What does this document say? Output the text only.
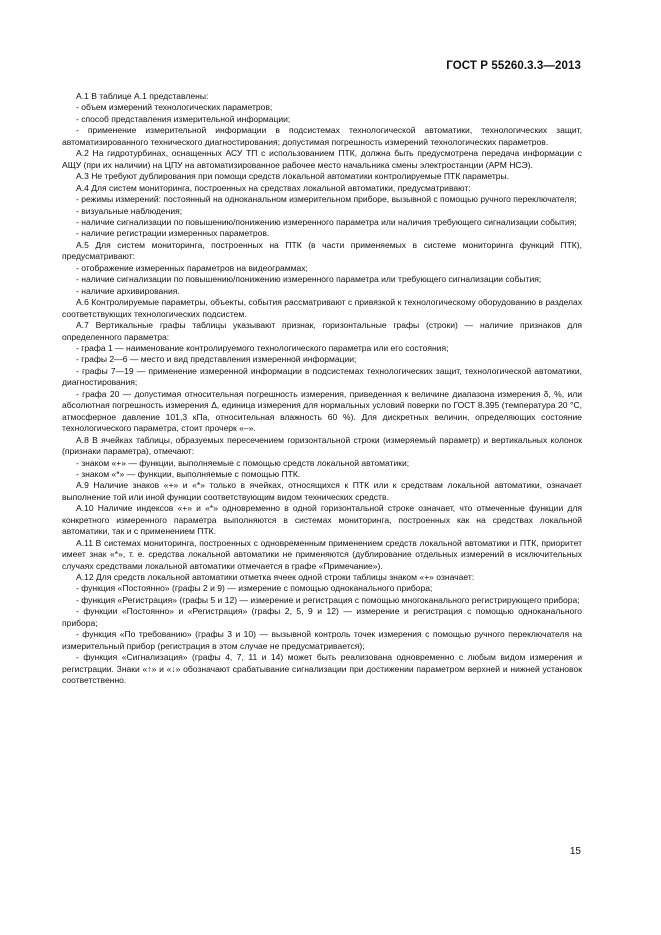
ГОСТ Р 55260.3.3—2013

А.1 В таблице А.1 представлены:

- объем измерений технологических параметров;

- способ представления измерительной информации;

- применение измерительной информации в подсистемах технологической автоматики, технологических защит, автоматизированного технического диагностирования; допустимая погрешность измерений технологических параметров.

А.2 На гидротурбинах, оснащенных АСУ ТП с использованием ПТК, должна быть предусмотрена передача информации с АЩУ (при их наличии) на ЦПУ на автоматизированное рабочее место начальника смены электростанции (АРМ НСЭ).

А.3 Не требуют дублирования при помощи средств локальной автоматики контролируемые ПТК параметры.

А.4 Для систем мониторинга, построенных на средствах локальной автоматики, предусматривают:

- режимы измерений: постоянный на одноканальном измерительном приборе, вызывной с помощью ручного переключателя;

- визуальные наблюдения;

- наличие сигнализации по повышению/понижению измеренного параметра или наличия требующего сигнализации события;

- наличие регистрации измеренных параметров.

А.5 Для систем мониторинга, построенных на ПТК (в части применяемых в системе мониторинга функций ПТК), предусматривают:

- отображение измеренных параметров на видеограммах;

- наличие сигнализации по повышению/понижению измеренного параметра или требующего сигнализации события;

- наличие архивирования.

А.6 Контролируемые параметры, объекты, события рассматривают с привязкой к технологическому оборудованию в разделах соответствующих технологических подсистем.

А.7 Вертикальные графы таблицы указывают признак, горизонтальные графы (строки) — наличие признаков для определенного параметра:

- графа 1 — наименование контролируемого технологического параметра или его состояния;

- графы 2—6 — место и вид представления измеренной информации;

- графы 7—19 — применение измеренной информации в подсистемах технологических защит, технологической автоматики, диагностирования;

- графа 20 — допустимая относительная погрешность измерения, приведенная к величине диапазона измерения δ, %, или абсолютная погрешность измерения Δ, единица измерения для нормальных условий поверки по ГОСТ 8.395 (температура 20 °С, атмосферное давление 101,3 кПа, относительная влажность 60 %). Для дискретных величин, определяющих состояние технологического параметра, стоит прочерк «–».

А.8 В ячейках таблицы, образуемых пересечением горизонтальной строки (измеряемый параметр) и вертикальных колонок (признаки параметра), отмечают:

- знаком «+» — функции, выполняемые с помощью средств локальной автоматики;

- знаком «*» — функции, выполняемые с помощью ПТК.

А.9 Наличие знаков «+» и «*» только в ячейках, относящихся к ПТК или к средствам локальной автоматики, означает выполнение той или иной функции соответствующим видом технических средств.

А.10 Наличие индексов «+» и «*» одновременно в одной горизонтальной строке означает, что отмеченные функции для конкретного измеренного параметра выполняются в системах мониторинга, построенных как на средствах локальной автоматики, так и с применением ПТК.

А.11 В системах мониторинга, построенных с одновременным применением средств локальной автоматики и ПТК, приоритет имеет знак «*», т. е. средства локальной автоматики не применяются (дублирование отдельных измерений в исключительных случаях средствами локальной автоматики отмечается в графе «Примечание»).

А.12 Для средств локальной автоматики отметка ячеек одной строки таблицы знаком «+» означает:

- функция «Постоянно» (графы 2 и 9) — измерение с помощью одноканального прибора;

- функция «Регистрация» (графы 5 и 12) — измерение и регистрация с помощью многоканального регистрирующего прибора;

- функции «Постоянно» и «Регистрация» (графы 2, 5, 9 и 12) — измерение и регистрация с помощью одноканального прибора;

- функция «По требованию» (графы 3 и 10) — вызывной контроль точек измерения с помощью ручного переключателя на измерительный прибор (регистрация в этом случае не предусматривается);

- функция «Сигнализация» (графы 4, 7, 11 и 14) может быть реализована одновременно с любым видом измерения и регистрации. Знаки «↑» и «↓» обозначают срабатывание сигнализации при достижении параметром верхней и нижней установок соответственно.

15
